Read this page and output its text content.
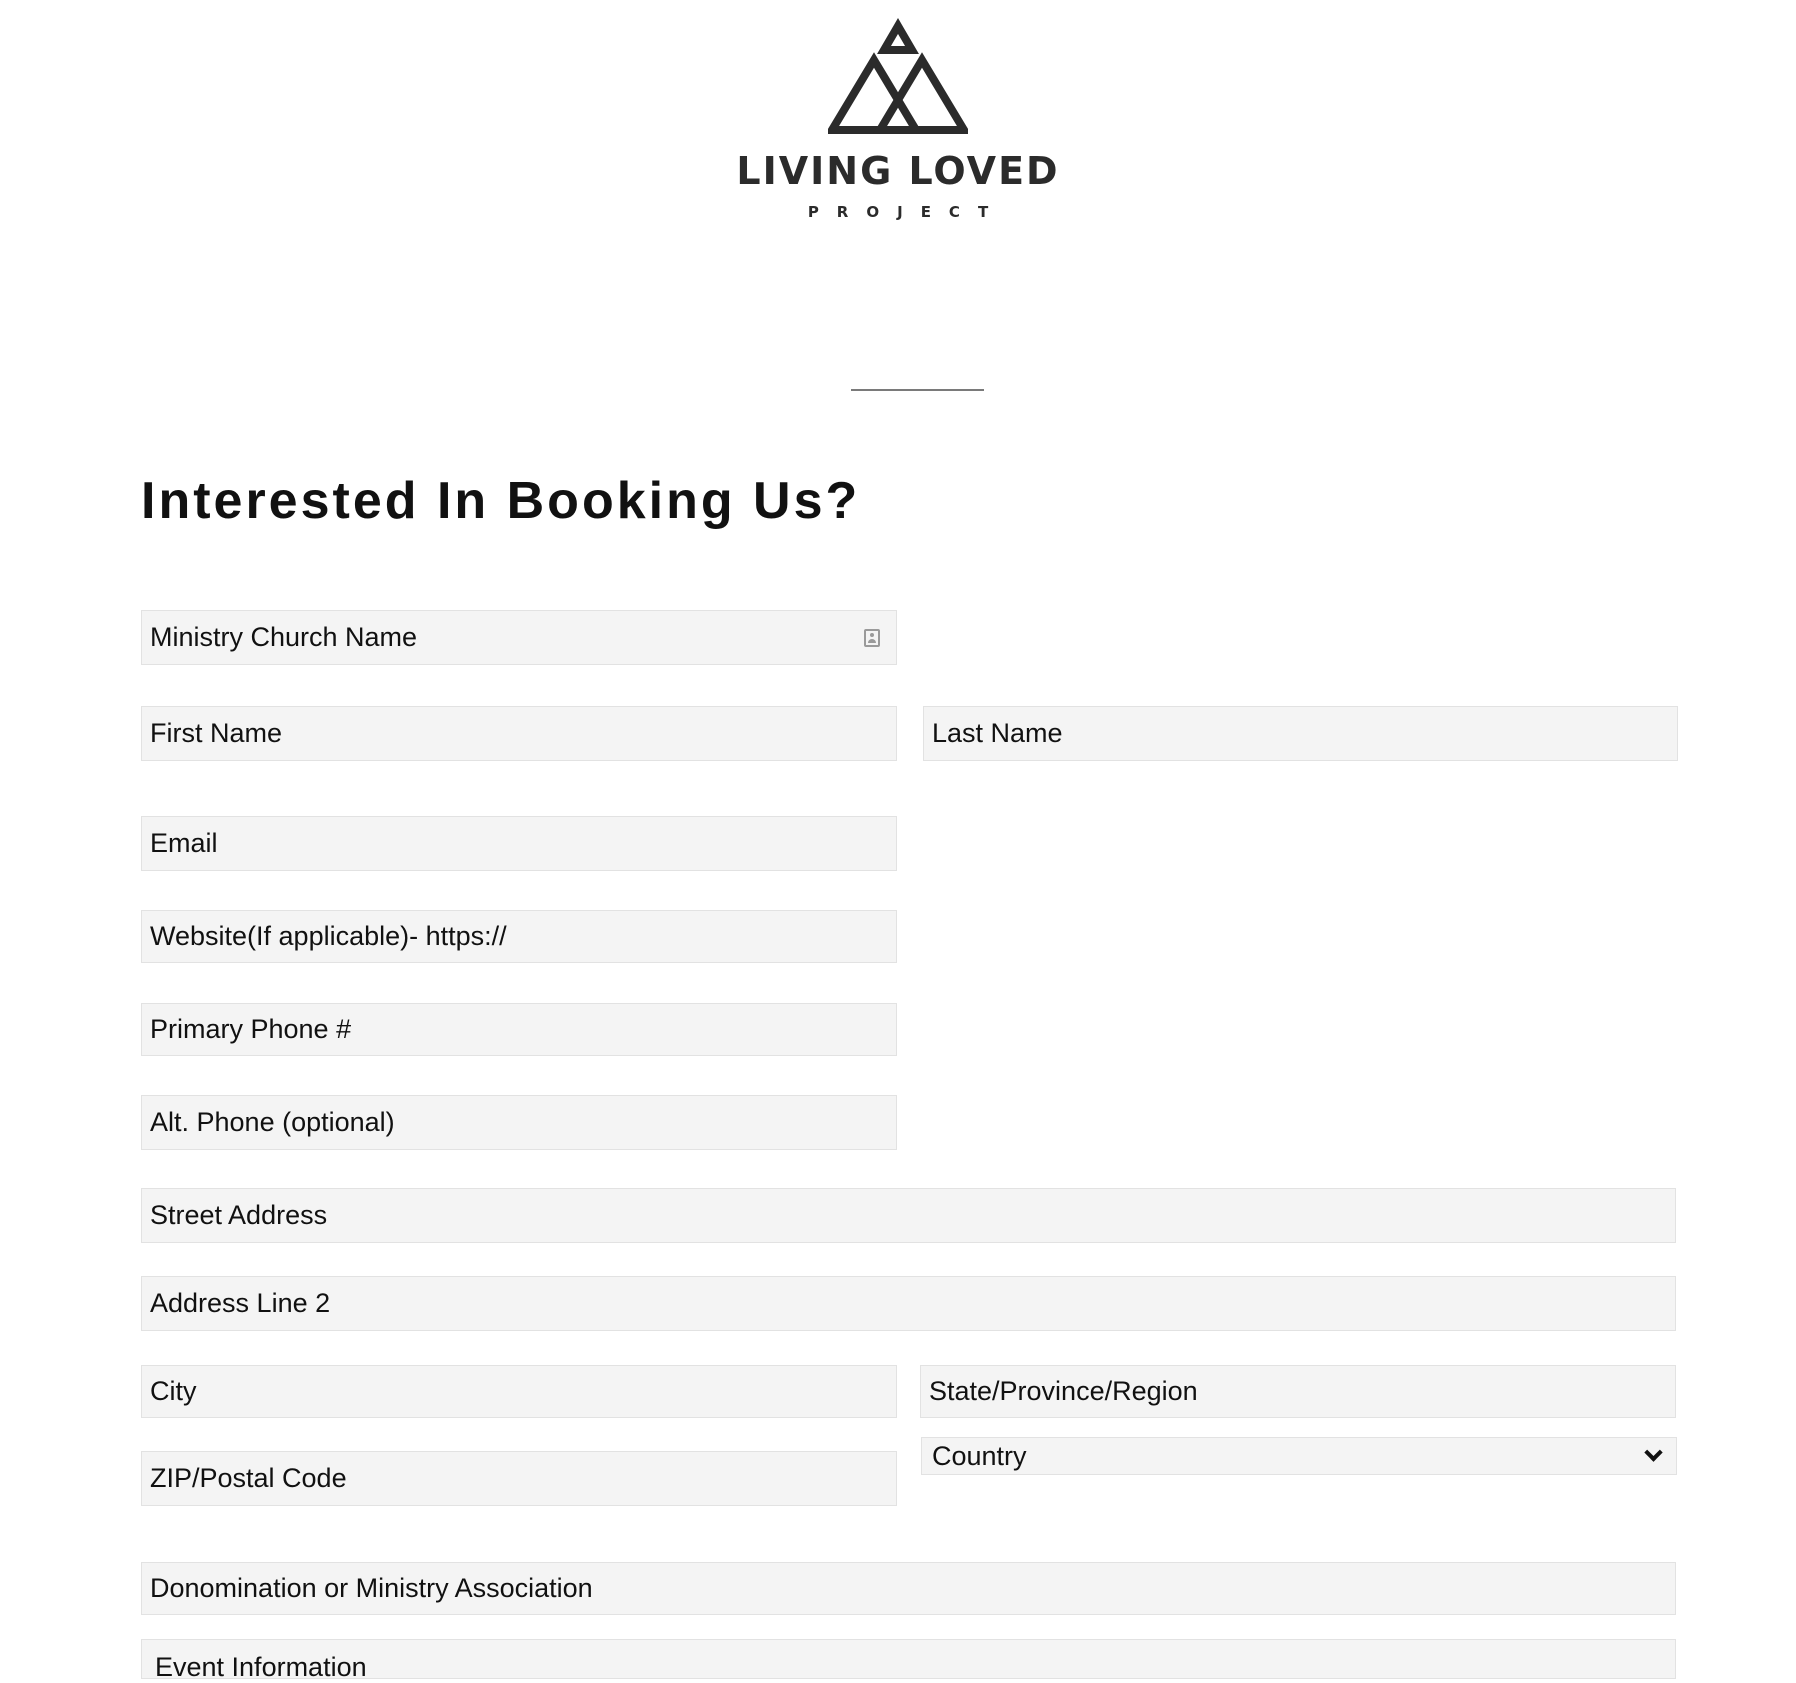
LIVING LOVED
PROJECT
Interested In Booking Us?
Ministry Church Name
First Name
Last Name
Email
Website(If applicable)- https://
Primary Phone #
Alt. Phone (optional)
Street Address
Address Line 2
City
State/Province/Region
ZIP/Postal Code
Country
Donomination or Ministry Association
Event Information
